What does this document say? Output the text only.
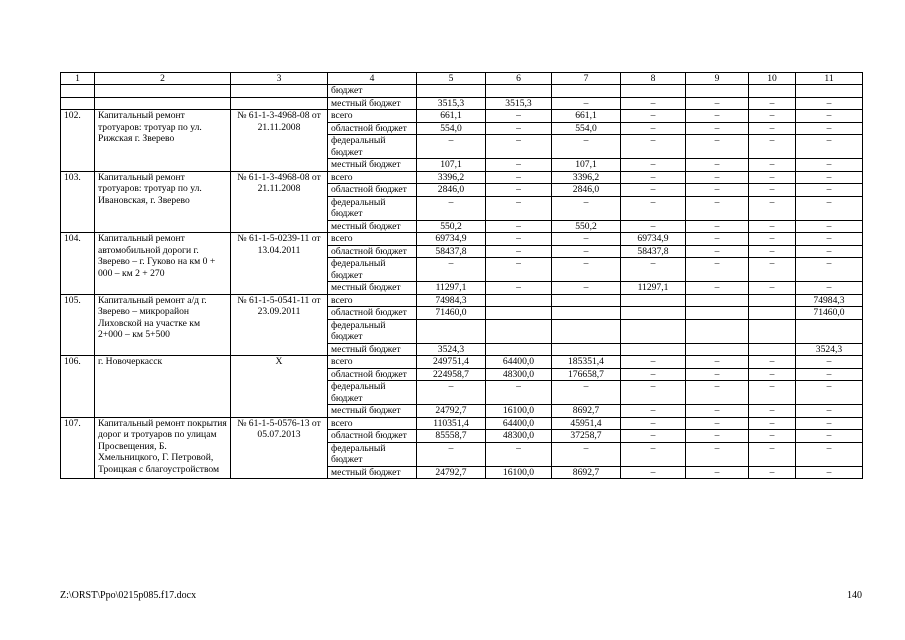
1	2	3	4	5	6	7	8	9	10	11
			бюджет							
			местный бюджет	3515,3	3515,3	–	–	–	–	–
102.	Капитальный ремонт тротуаров: тротуар по ул. Рижская г. Зверево	№ 61-1-3-4968-08 от 21.11.2008	всего	661,1	–	661,1	–	–	–	–
			областной бюджет	554,0	–	554,0	–	–	–	–
			федеральный бюджет	–	–	–	–	–	–	–
			местный бюджет	107,1	–	107,1	–	–	–	–
103.	Капитальный ремонт тротуаров: тротуар по ул. Ивановская, г. Зверево	№ 61-1-3-4968-08 от 21.11.2008	всего	3396,2	–	3396,2	–	–	–	–
			областной бюджет	2846,0	–	2846,0	–	–	–	–
			федеральный бюджет	–	–	–	–	–	–	–
			местный бюджет	550,2	–	550,2	–	–	–	–
104.	Капитальный ремонт автомобильной дороги г. Зверево – г. Гуково на км 0 + 000 – км 2 + 270	№ 61-1-5-0239-11 от 13.04.2011	всего	69734,9	–	–	69734,9	–	–	–
			областной бюджет	58437,8	–	–	58437,8	–	–	–
			федеральный бюджет	–	–	–	–	–	–	–
			местный бюджет	11297,1	–	–	11297,1	–	–	–
105.	Капитальный ремонт а/д г. Зверево – микрорайон Лиховской на участке км 2+000 – км 5+500	№ 61-1-5-0541-11 от 23.09.2011	всего	74984,3						74984,3
			областной бюджет	71460,0						71460,0
			федеральный бюджет							
			местный бюджет	3524,3						3524,3
106.	г. Новочеркасск	Х	всего	249751,4	64400,0	185351,4	–	–	–	–
			областной бюджет	224958,7	48300,0	176658,7	–	–	–	–
			федеральный бюджет	–	–	–	–	–	–	–
			местный бюджет	24792,7	16100,0	8692,7	–	–	–	–
107.	Капитальный ремонт покрытия дорог и тротуаров по улицам Просвещения, Б. Хмельницкого, Г. Петровой, Троицкая с благоустройством	№ 61-1-5-0576-13 от 05.07.2013	всего	110351,4	64400,0	45951,4	–	–	–	–
			областной бюджет	85558,7	48300,0	37258,7	–	–	–	–
			федеральный бюджет	–	–	–	–	–	–	–
			местный бюджет	24792,7	16100,0	8692,7	–	–	–	–
Z:\ORST\Ppo\0215p085.f17.docx	140
